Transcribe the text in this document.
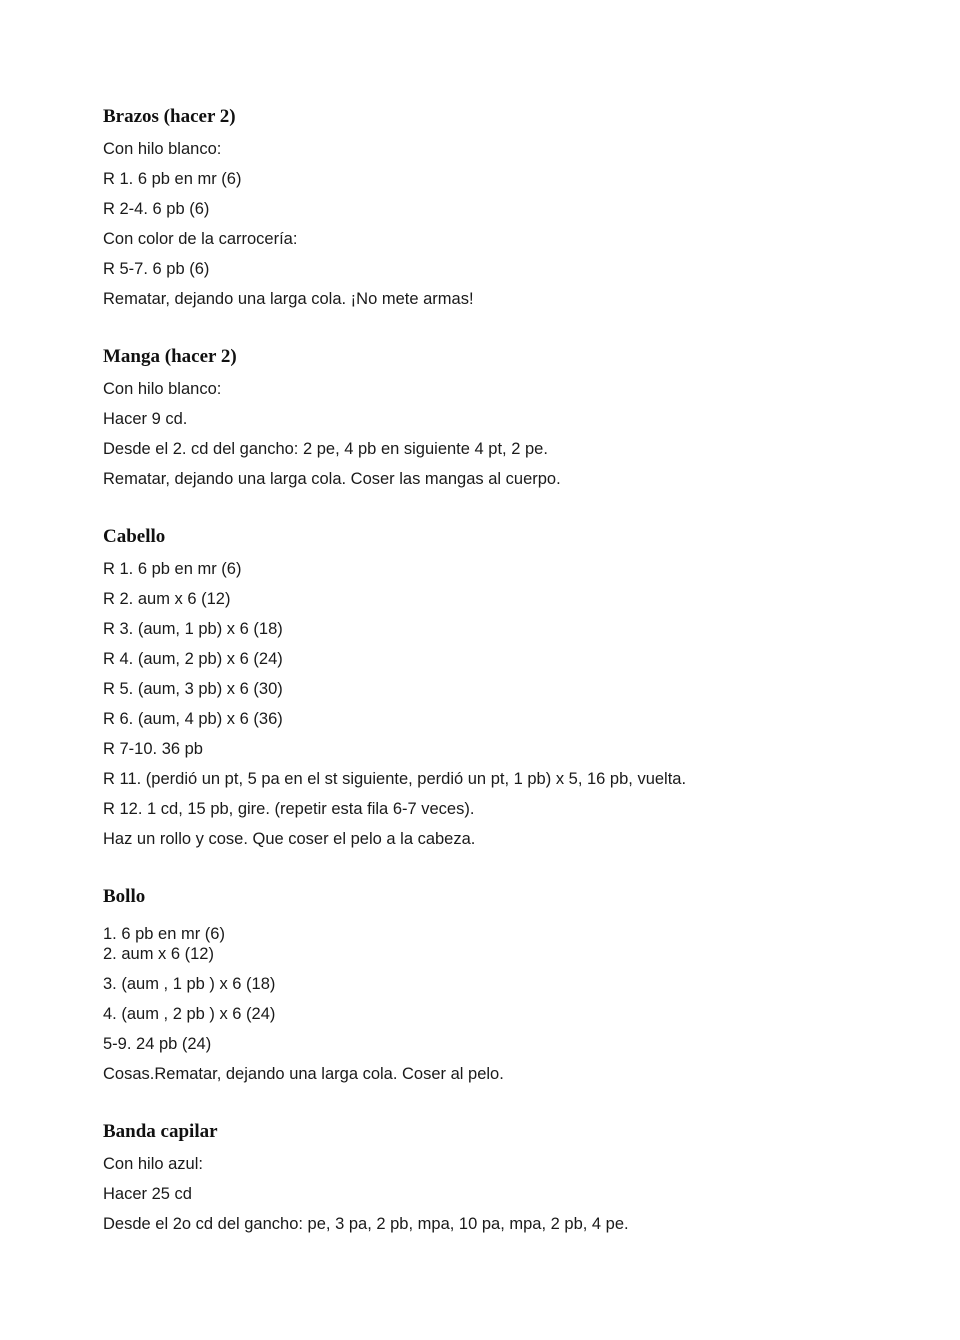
Brazos (hacer 2)
Con hilo blanco:
R 1. 6 pb en mr (6)
R 2-4. 6 pb (6)
Con color de la carrocería:
R 5-7. 6 pb (6)
Rematar, dejando una larga cola. ¡No mete armas!
Manga (hacer 2)
Con hilo blanco:
Hacer 9 cd.
Desde el 2. cd del gancho: 2 pe, 4 pb en siguiente 4 pt, 2 pe.
Rematar, dejando una larga cola. Coser las mangas al cuerpo.
Cabello
R 1. 6 pb en mr (6)
R 2. aum x 6 (12)
R 3. (aum, 1 pb) x 6 (18)
R 4. (aum, 2 pb) x 6 (24)
R 5. (aum, 3 pb) x 6 (30)
R 6. (aum, 4 pb) x 6 (36)
R 7-10. 36 pb
R 11. (perdió un pt, 5 pa en el st siguiente, perdió un pt, 1 pb) x 5, 16 pb, vuelta.
R 12. 1 cd, 15 pb, gire. (repetir esta fila 6-7 veces).
Haz un rollo y cose. Que coser el pelo a la cabeza.
Bollo
1. 6 pb en mr (6)
2. aum x 6 (12)
3. (aum , 1 pb ) x 6 (18)
4. (aum , 2 pb ) x 6 (24)
5-9. 24 pb (24)
Cosas.Rematar, dejando una larga cola. Coser al pelo.
Banda capilar
Con hilo azul:
Hacer 25 cd
Desde el 2o cd del gancho: pe, 3 pa, 2 pb, mpa, 10 pa, mpa, 2 pb, 4 pe.
